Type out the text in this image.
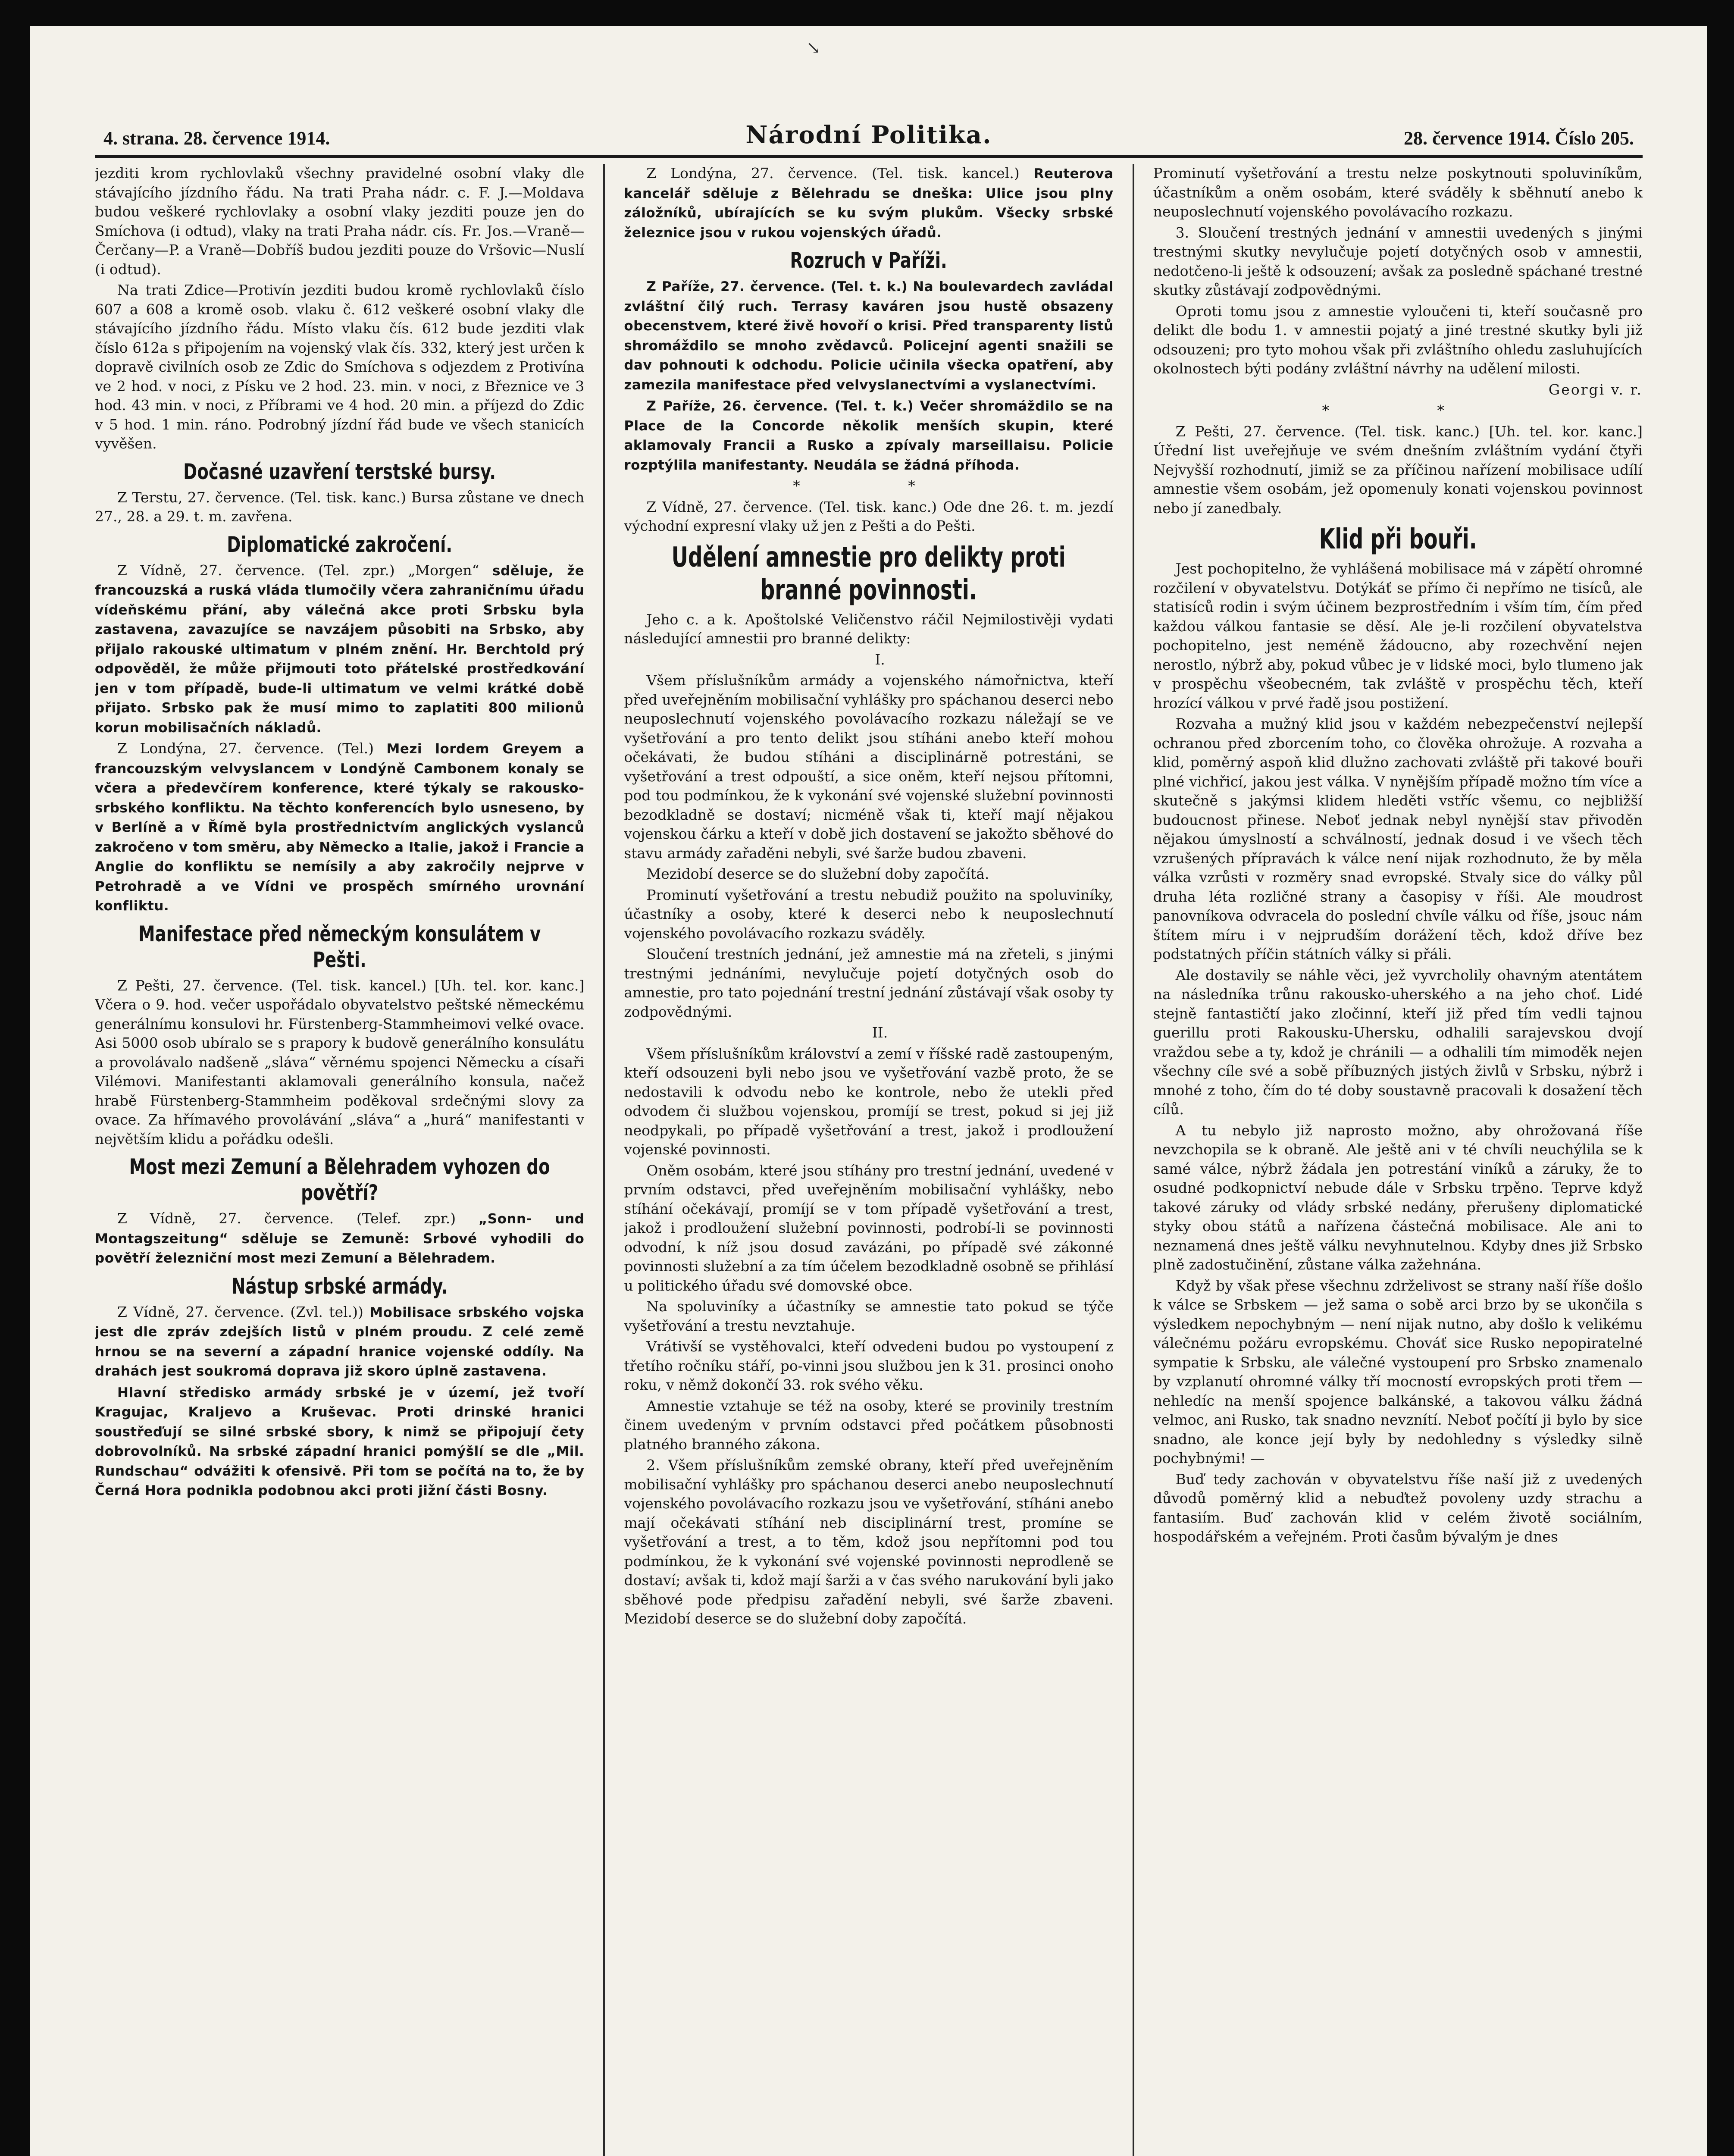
↘
4. strana. 28. července 1914.	Národní Politika.	28. července 1914. Číslo 205.

jezditi krom rychlovlaků všechny pravidelné osobní vlaky dle stávajícího jízdního řádu. Na trati Praha nádr. c. F. J.—Moldava budou veškeré rychlovlaky a osobní vlaky jezditi pouze jen do Smíchova (i odtud), vlaky na trati Praha nádr. cís. Fr. Jos.—Vraně—Čerčany—P. a Vraně—Dobříš budou jezditi pouze do Vršovic—Nuslí (i odtud).

Na trati Zdice—Protivín jezditi budou kromě rychlovlaků číslo 607 a 608 a kromě osob. vlaku č. 612 veškeré osobní vlaky dle stávajícího jízdního řádu. Místo vlaku čís. 612 bude jezditi vlak číslo 612a s připojením na vojenský vlak čís. 332, který jest určen k dopravě civilních osob ze Zdic do Smíchova s odjezdem z Protivína ve 2 hod. v noci, z Písku ve 2 hod. 23. min. v noci, z Březnice ve 3 hod. 43 min. v noci, z Příbrami ve 4 hod. 20 min. a příjezd do Zdic v 5 hod. 1 min. ráno. Podrobný jízdní řád bude ve všech stanicích vyvěšen.

Dočasné uzavření terstské bursy.

Z Terstu, 27. července. (Tel. tisk. kanc.) Bursa zůstane ve dnech 27., 28. a 29. t. m. zavřena.

Diplomatické zakročení.

Z Vídně, 27. července. (Tel. zpr.) „Morgen“ sděluje, že francouzská a ruská vláda tlumočily včera zahraničnímu úřadu vídeňskému přání, aby válečná akce proti Srbsku byla zastavena, zavazujíce se navzájem působiti na Srbsko, aby přijalo rakouské ultimatum v plném znění. Hr. Berchtold prý odpověděl, že může přijmouti toto přátelské prostředkování jen v tom případě, bude-li ultimatum ve velmi krátké době přijato. Srbsko pak že musí mimo to zaplatiti 800 milionů korun mobilisačních nákladů.

Z Londýna, 27. července. (Tel.) Mezi lordem Greyem a francouzským velvyslancem v Londýně Cambonem konaly se včera a předevčírem konference, které týkaly se rakousko-srbského konfliktu. Na těchto konferencích bylo usneseno, by v Berlíně a v Římě byla prostřednictvím anglických vyslanců zakročeno v tom směru, aby Německo a Italie, jakož i Francie a Anglie do konfliktu se nemísily a aby zakročily nejprve v Petrohradě a ve Vídni ve prospěch smírného urovnání konfliktu.

Manifestace před německým konsulátem v Pešti.

Z Pešti, 27. července. (Tel. tisk. kancel.) [Uh. tel. kor. kanc.] Včera o 9. hod. večer uspořádalo obyvatelstvo peštské německému generálnímu konsulovi hr. Fürstenberg-Stammheimovi velké ovace. Asi 5000 osob ubíralo se s prapory k budově generálního konsulátu a provolávalo nadšeně „sláva“ věrnému spojenci Německu a císaři Vilémovi. Manifestanti aklamovali generálního konsula, načež hrabě Fürstenberg-Stammheim poděkoval srdečnými slovy za ovace. Za hřímavého provolávání „sláva“ a „hurá“ manifestanti v největším klidu a pořádku odešli.

Most mezi Zemuní a Bělehradem vyhozen do povětří?

Z Vídně, 27. července. (Telef. zpr.) „Sonn- und Montagszeitung“ sděluje se Zemuně: Srbové vyhodili do povětří železniční most mezi Zemuní a Bělehradem.

Nástup srbské armády.

Z Vídně, 27. července. (Zvl. tel.)) Mobilisace srbského vojska jest dle zpráv zdejších listů v plném proudu. Z celé země hrnou se na severní a západní hranice vojenské oddíly. Na drahách jest soukromá doprava již skoro úplně zastavena.

Hlavní středisko armády srbské je v území, jež tvoří Kragujac, Kraljevo a Kruševac. Proti drinské hranici soustřeďují se silné srbské sbory, k nimž se připojují čety dobrovolníků. Na srbské západní hranici pomýšlí se dle „Mil. Rundschau“ odvážiti k ofensivě. Při tom se počítá na to, že by Černá Hora podnikla podobnou akci proti jižní části Bosny.

Z Londýna, 27. července. (Tel. tisk. kancel.) Reuterova kancelář sděluje z Bělehradu se dneška: Ulice jsou plny záložníků, ubírajících se ku svým plukům. Všecky srbské železnice jsou v rukou vojenských úřadů.

Rozruch v Paříži.

Z Paříže, 27. července. (Tel. t. k.) Na boulevardech zavládal zvláštní čilý ruch. Terrasy kaváren jsou hustě obsazeny obecenstvem, které živě hovoří o krisi. Před transparenty listů shromáždilo se mnoho zvědavců. Policejní agenti snažili se dav pohnouti k odchodu. Policie učinila všecka opatření, aby zamezila manifestace před velvyslanectvími a vyslanectvími.

Z Paříže, 26. července. (Tel. t. k.) Večer shromáždilo se na Place de la Concorde několik menších skupin, které aklamovaly Francii a Rusko a zpívaly marseillaisu. Policie rozptýlila manifestanty. Neudála se žádná příhoda.

* *

Z Vídně, 27. července. (Tel. tisk. kanc.) Ode dne 26. t. m. jezdí východní expresní vlaky už jen z Pešti a do Pešti.

Udělení amnestie pro delikty proti branné povinnosti.

Jeho c. a k. Apoštolské Veličenstvo ráčil Nejmilostivěji vydati následující amnestii pro branné delikty:

I.

Všem příslušníkům armády a vojenského námořnictva, kteří před uveřejněním mobilisační vyhlášky pro spáchanou deserci nebo neuposlechnutí vojenského povolávacího rozkazu náležají se ve vyšetřování a pro tento delikt jsou stíháni anebo kteří mohou očekávati, že budou stíháni a disciplinárně potrestáni, se vyšetřování a trest odpouští, a sice oněm, kteří nejsou přítomni, pod tou podmínkou, že k vykonání své vojenské služební povinnosti bezodkladně se dostaví; nicméně však ti, kteří mají nějakou vojenskou čárku a kteří v době jich dostavení se jakožto sběhové do stavu armády zařaděni nebyli, své šarže budou zbaveni.

Mezidobí deserce se do služební doby započítá.

Prominutí vyšetřování a trestu nebudiž použito na spoluviníky, účastníky a osoby, které k deserci nebo k neuposlechnutí vojenského povolávacího rozkazu sváděly.

Sloučení trestních jednání, jež amnestie má na zřeteli, s jinými trestnými jednáními, nevylučuje pojetí dotyčných osob do amnestie, pro tato pojednání trestní jednání zůstávají však osoby ty zodpovědnými.

II.

Všem příslušníkům království a zemí v říšské radě zastoupeným, kteří odsouzeni byli nebo jsou ve vyšetřování vazbě proto, že se nedostavili k odvodu nebo ke kontrole, nebo že utekli před odvodem či službou vojenskou, promíjí se trest, pokud si jej již neodpykali, po případě vyšetřování a trest, jakož i prodloužení vojenské povinnosti.

Oněm osobám, které jsou stíhány pro trestní jednání, uvedené v prvním odstavci, před uveřejněním mobilisační vyhlášky, nebo stíhání očekávají, promíjí se v tom případě vyšetřování a trest, jakož i prodloužení služební povinnosti, podrobí-li se povinnosti odvodní, k níž jsou dosud zavázáni, po případě své zákonné povinnosti služební a za tím účelem bezodkladně osobně se přihlásí u politického úřadu své domovské obce.

Na spoluviníky a účastníky se amnestie tato pokud se týče vyšetřování a trestu nevztahuje.

Vrátivší se vystěhovalci, kteří odvedeni budou po vystoupení z třetího ročníku stáří, po-vinni jsou službou jen k 31. prosinci onoho roku, v němž dokončí 33. rok svého věku.

Amnestie vztahuje se též na osoby, které se provinily trestním činem uvedeným v prvním odstavci před počátkem působnosti platného branného zákona.

2. Všem příslušníkům zemské obrany, kteří před uveřejněním mobilisační vyhlášky pro spáchanou deserci anebo neuposlechnutí vojenského povolávacího rozkazu jsou ve vyšetřování, stíháni anebo mají očekávati stíhání neb disciplinární trest, promíne se vyšetřování a trest, a to těm, kdož jsou nepřítomni pod tou podmínkou, že k vykonání své vojenské povinnosti neprodleně se dostaví; avšak ti, kdož mají šarži a v čas svého narukování byli jako sběhové pode předpisu zařadění nebyli, své šarže zbaveni. Mezidobí deserce se do služební doby započítá.

Prominutí vyšetřování a trestu nelze poskytnouti spoluviníkům, účastníkům a oněm osobám, které sváděly k sběhnutí anebo k neuposlechnutí vojenského povolávacího rozkazu.

3. Sloučení trestných jednání v amnestii uvedených s jinými trestnými skutky nevylučuje pojetí dotyčných osob v amnestii, nedotčeno-li ještě k odsouzení; avšak za posledně spáchané trestné skutky zůstávají zodpovědnými.

Oproti tomu jsou z amnestie vyloučeni ti, kteří současně pro delikt dle bodu 1. v amnestii pojatý a jiné trestné skutky byli již odsouzeni; pro tyto mohou však při zvláštního ohledu zasluhujících okolnostech býti podány zvláštní návrhy na udělení milosti.

Georgi v. r.

* *

Z Pešti, 27. července. (Tel. tisk. kanc.) [Uh. tel. kor. kanc.] Úřední list uveřejňuje ve svém dnešním zvláštním vydání čtyři Nejvyšší rozhodnutí, jimiž se za příčinou nařízení mobilisace udílí amnestie všem osobám, jež opomenuly konati vojenskou povinnost nebo jí zanedbaly.

Klid při bouři.

Jest pochopitelno, že vyhlášená mobilisace má v zápětí ohromné rozčilení v obyvatelstvu. Dotýkáť se přímo či nepřímo ne tisíců, ale statisíců rodin i svým účinem bezprostředním i vším tím, čím před každou válkou fantasie se děsí. Ale je-li rozčilení obyvatelstva pochopitelno, jest neméně žádoucno, aby rozechvění nejen nerostlo, nýbrž aby, pokud vůbec je v lidské moci, bylo tlumeno jak v prospěchu všeobecném, tak zvláště v prospěchu těch, kteří hrozící válkou v prvé řadě jsou postižení.

Rozvaha a mužný klid jsou v každém nebezpečenství nejlepší ochranou před zborcením toho, co člověka ohrožuje. A rozvaha a klid, poměrný aspoň klid dlužno zachovati zvláště při takové bouři plné vichřicí, jakou jest válka. V nynějším případě možno tím více a skutečně s jakýmsi klidem hleděti vstříc všemu, co nejbližší budoucnost přinese. Neboť jednak nebyl nynější stav přivoděn nějakou úmyslností a schválností, jednak dosud i ve všech těch vzrušených přípravách k válce není nijak rozhodnuto, že by měla válka vzrůsti v rozměry snad evropské. Stvaly sice do války půl druha léta rozličné strany a časopisy v říši. Ale moudrost panovníkova odvracela do poslední chvíle válku od říše, jsouc nám štítem míru i v nejprudším dorážení těch, kdož dříve bez podstatných příčin státních války si přáli.

Ale dostavily se náhle věci, jež vyvrcholily ohavným atentátem na následníka trůnu rakousko-uherského a na jeho choť. Lidé stejně fantastičtí jako zločinní, kteří již před tím vedli tajnou guerillu proti Rakousku-Uhersku, odhalili sarajevskou dvojí vraždou sebe a ty, kdož je chránili — a odhalili tím mimoděk nejen všechny cíle své a sobě příbuzných jistých živlů v Srbsku, nýbrž i mnohé z toho, čím do té doby soustavně pracovali k dosažení těch cílů.

A tu nebylo již naprosto možno, aby ohrožovaná říše nevzchopila se k obraně. Ale ještě ani v té chvíli neuchýlila se k samé válce, nýbrž žádala jen potrestání viníků a záruky, že to osudné podkopnictví nebude dále v Srbsku trpěno. Teprve když takové záruky od vlády srbské nedány, přerušeny diplomatické styky obou států a nařízena částečná mobilisace. Ale ani to neznamená dnes ještě válku nevyhnutelnou. Kdyby dnes již Srbsko plně zadostučinění, zůstane válka zažehnána.

Když by však přese všechnu zdrželivost se strany naší říše došlo k válce se Srbskem — jež sama o sobě arci brzo by se ukončila s výsledkem nepochybným — není nijak nutno, aby došlo k velikému válečnému požáru evropskému. Chováť sice Rusko nepopiratelné sympatie k Srbsku, ale válečné vystoupení pro Srbsko znamenalo by vzplanutí ohromné války tří mocností evropských proti třem — nehledíc na menší spojence balkánské, a takovou válku žádná velmoc, ani Rusko, tak snadno nevznítí. Neboť počítí ji bylo by sice snadno, ale konce její byly by nedohledny s výsledky silně pochybnými! —

Buď tedy zachován v obyvatelstvu říše naší již z uvedených důvodů poměrný klid a nebuďtež povoleny uzdy strachu a fantasiím. Buď zachován klid v celém životě sociálním, hospodářském a veřejném. Proti časům bývalým je dnes
